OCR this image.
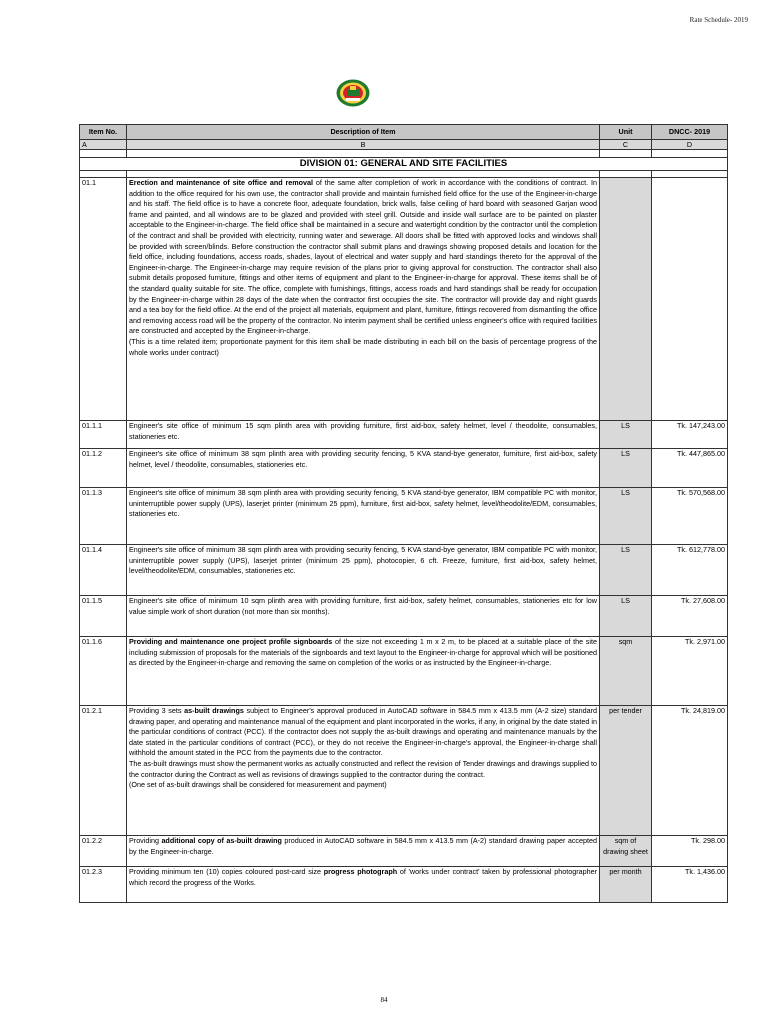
Rate Schedule- 2019
Item No.	Description of Item	Unit	DNCC- 2019
A	B	C	D

DIVISION 01: GENERAL AND SITE FACILITIES			

01.1	Erection and maintenance of site office and removal of the same after completion of work in accordance with the conditions of contract. In addition to the office required for his own use, the contractor shall provide and maintain furnished field office for the use of the Engineer-in-charge and his staff. The field office is to have a concrete floor, adequate foundation, brick walls, false ceiling of hard board with seasoned Garjan wood frame and painted, and all windows are to be glazed and provided with steel grill. Outside and inside wall surface are to be painted on plaster acceptable to the Engineer-in-charge. The field office shall be maintained in a secure and watertight condition by the contractor until the completion of the contract and shall be provided with electricity, running water and sewerage. All doors shall be fitted with approved locks and windows shall be provided with screen/blinds. Before construction the contractor shall submit plans and drawings showing proposed details and location for the field office, including foundations, access roads, shades, layout of electrical and water supply and hard standings thereto for the approval of the Engineer-in-charge. The Engineer-in-charge may require revision of the plans prior to giving approval for construction. The contractor shall also submit details proposed furniture, fittings and other items of equipment and plant to the Engineer-in-charge for approval. These items shall be of the standard quality suitable for site. The office, complete with furnishings, fittings, access roads and hard standings shall be ready for occupation by the Engineer-in-charge within 28 days of the date when the contractor first occupies the site. The contractor will provide day and night guards and a tea boy for the field office. At the end of the project all materials, equipment and plant, furniture, fittings recovered from dismantling the office and removing access road will be the property of the contractor. No interim payment shall be certified unless engineer's office with required facilities are constructed and accepted by the Engineer-in-charge.
(This is a time related item; proportionate payment for this item shall be made distributing in each bill on the basis of percentage progress of the whole works under contract)		
01.1.1	Engineer's site office of minimum 15 sqm plinth area with providing furniture, first aid-box, safety helmet, level / theodolite, consumables, stationeries etc.	LS	Tk. 147,243.00
01.1.2	Engineer's site office of minimum 38 sqm plinth area with providing security fencing, 5 KVA stand-bye generator, furniture, first aid-box, safety helmet, level / theodolite, consumables, stationeries etc.	LS	Tk. 447,865.00
01.1.3	Engineer's site office of minimum 38 sqm plinth area with providing security fencing, 5 KVA stand-bye generator, IBM compatible PC with monitor, uninterruptible power supply (UPS), laserjet printer (minimum 25 ppm), furniture, first aid-box, safety helmet, level/theodolite/EDM, consumables, stationeries etc.	LS	Tk. 570,568.00
01.1.4	Engineer's site office of minimum 38 sqm plinth area with providing security fencing, 5 KVA stand-bye generator, IBM compatible PC with monitor, uninterruptible power supply (UPS), laserjet printer (minimum 25 ppm), photocopier, 6 cft. Freeze, furniture, first aid-box, safety helmet, level/theodolite/EDM, consumables, stationeries etc.	LS	Tk. 612,778.00
01.1.5	Engineer's site office of minimum 10 sqm plinth area with providing furniture, first aid-box, safety helmet, consumables, stationeries etc for low value simple work of short duration (not more than six months).	LS	Tk. 27,608.00
01.1.6	Providing and maintenance one project profile signboards of the size not exceeding 1 m x 2 m, to be placed at a suitable place of the site including submission of proposals for the materials of the signboards and text layout to the Engineer-in-charge for approval which will be positioned as directed by the Engineer-in-charge and removing the same on completion of the works or as instructed by the Engineer-in-charge.	sqm	Tk. 2,971.00
01.2.1	Providing 3 sets as-built drawings subject to Engineer's approval produced in AutoCAD software in 584.5 mm x 413.5 mm (A-2 size) standard drawing paper, and operating and maintenance manual of the equipment and plant incorporated in the works, if any, in original by the date stated in the particular conditions of contract (PCC). If the contractor does not supply the as-built drawings and operating and maintenance manuals by the date stated in the particular conditions of contract (PCC), or they do not receive the Engineer-in-charge's approval, the Engineer-in-charge shall withhold the amount stated in the PCC from the payments due to the contractor.
The as-built drawings must show the permanent works as actually constructed and reflect the revision of Tender drawings and drawings supplied to the contractor during the Contract as well as revisions of drawings supplied to the contractor during the contract.
(One set of as-built drawings shall be considered for measurement and payment)	per tender	Tk. 24,819.00
01.2.2	Providing additional copy of as-built drawing produced in AutoCAD software in 584.5 mm x 413.5 mm (A-2) standard drawing paper accepted by the Engineer-in-charge.	sqm of drawing sheet	Tk. 298.00
01.2.3	Providing minimum ten (10) copies coloured post-card size progress photograph of 'works under contract' taken by professional photographer which record the progress of the Works.	per month	Tk. 1,436.00
84
